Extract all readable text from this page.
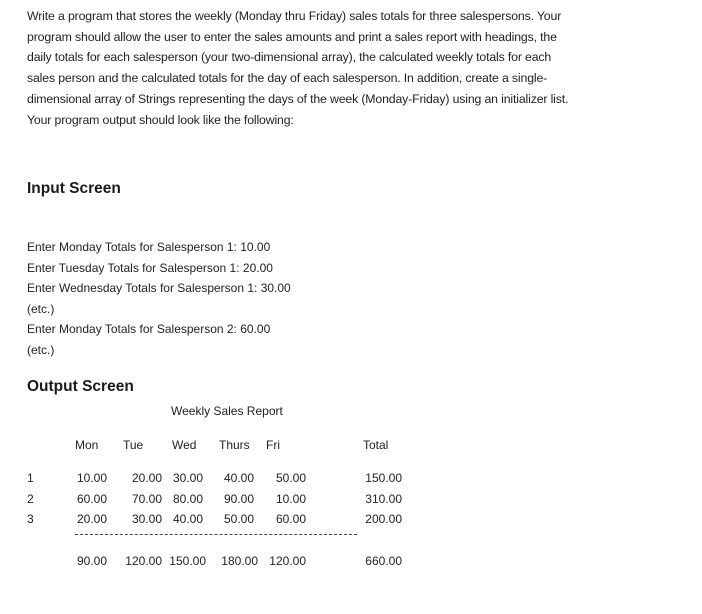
Write a program that stores the weekly (Monday thru Friday) sales totals for three salespersons. Your
program should allow the user to enter the sales amounts and print a sales report with headings, the
daily totals for each salesperson (your two-dimensional array), the calculated weekly totals for each
sales person and the calculated totals for the day of each salesperson. In addition, create a single-
dimensional array of Strings representing the days of the week (Monday-Friday) using an initializer list.
Your program output should look like the following:
Input Screen
Enter Monday Totals for Salesperson 1: 10.00
Enter Tuesday Totals for Salesperson 1: 20.00
Enter Wednesday Totals for Salesperson 1: 30.00
(etc.)
Enter Monday Totals for Salesperson 2: 60.00
(etc.)
Output Screen
Weekly Sales Report
Mon Tue Wed Thurs Fri	Total
1	10.00	20.00 30.00	40.00	50.00	150.00
2	60.00	70.00 80.00	90.00	10.00	310.00
3	20.00	30.00 40.00	50.00	60.00	200.00
90.00	120.00 150.00	180.00 120.00	660.00
